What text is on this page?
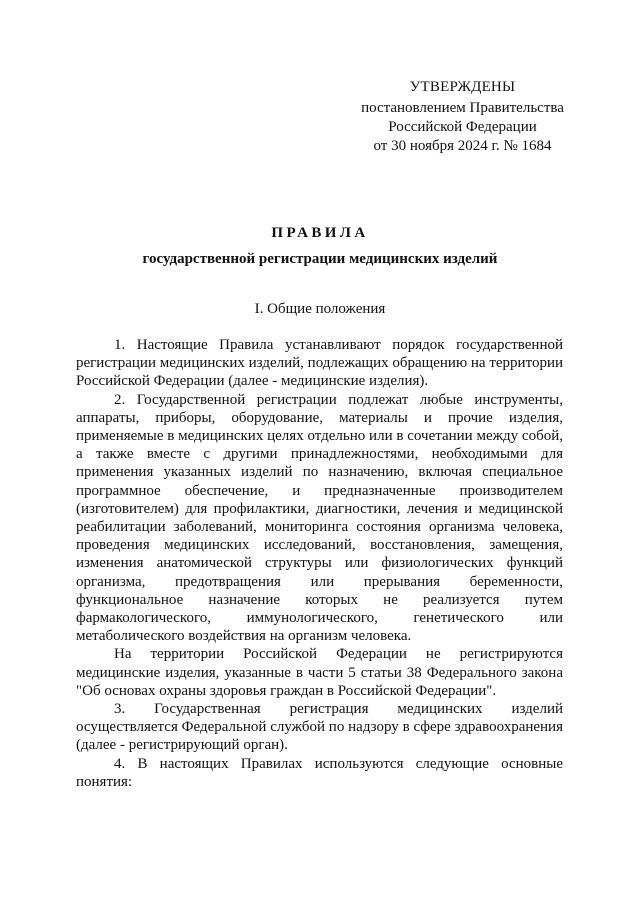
УТВЕРЖДЕНЫ
постановлением Правительства
Российской Федерации
от 30 ноября 2024 г. № 1684
ПРАВИЛА
государственной регистрации медицинских изделий
I. Общие положения

1. Настоящие Правила устанавливают порядок государственной регистрации медицинских изделий, подлежащих обращению на территории Российской Федерации (далее - медицинские изделия).

2. Государственной регистрации подлежат любые инструменты, аппараты, приборы, оборудование, материалы и прочие изделия, применяемые в медицинских целях отдельно или в сочетании между собой, а также вместе с другими принадлежностями, необходимыми для применения указанных изделий по назначению, включая специальное программное обеспечение, и предназначенные производителем (изготовителем) для профилактики, диагностики, лечения и медицинской реабилитации заболеваний, мониторинга состояния организма человека, проведения медицинских исследований, восстановления, замещения, изменения анатомической структуры или физиологических функций организма, предотвращения или прерывания беременности, функциональное назначение которых не реализуется путем фармакологического, иммунологического, генетического или метаболического воздействия на организм человека.

На территории Российской Федерации не регистрируются медицинские изделия, указанные в части 5 статьи 38 Федерального закона "Об основах охраны здоровья граждан в Российской Федерации".

3. Государственная регистрация медицинских изделий осуществляется Федеральной службой по надзору в сфере здравоохранения (далее - регистрирующий орган).

4. В настоящих Правилах используются следующие основные понятия:
